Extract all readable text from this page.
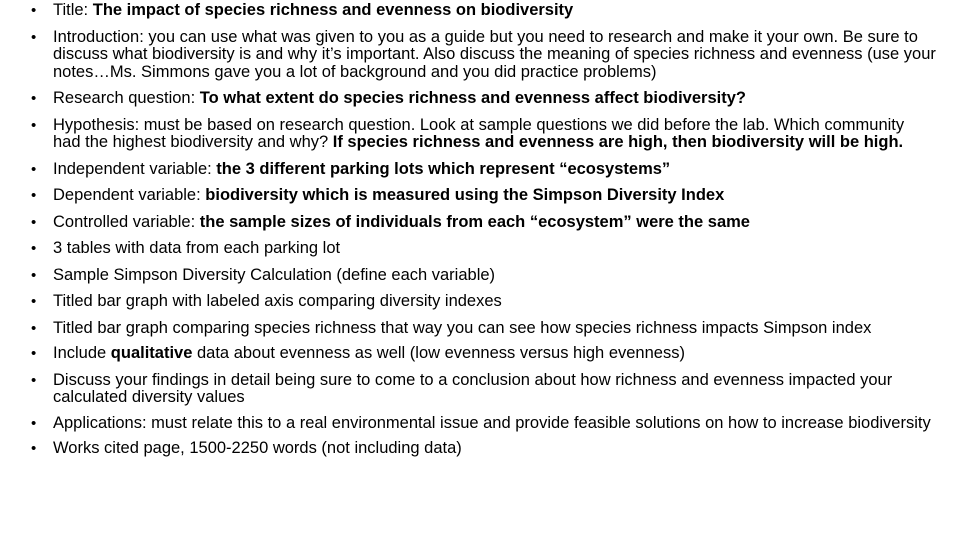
• Title: The impact of species richness and evenness on biodiversity
• Introduction: you can use what was given to you as a guide but you need to research and make it your own. Be sure to discuss what biodiversity is and why it’s important. Also discuss the meaning of species richness and evenness (use your notes…Ms. Simmons gave you a lot of background and you did practice problems)
• Research question: To what extent do species richness and evenness affect biodiversity?
• Hypothesis: must be based on research question. Look at sample questions we did before the lab. Which community had the highest biodiversity and why? If species richness and evenness are high, then biodiversity will be high.
• Independent variable: the 3 different parking lots which represent “ecosystems”
• Dependent variable: biodiversity which is measured using the Simpson Diversity Index
• Controlled variable: the sample sizes of individuals from each “ecosystem” were the same
• 3 tables with data from each parking lot
• Sample Simpson Diversity Calculation (define each variable)
• Titled bar graph with labeled axis comparing diversity indexes
• Titled bar graph comparing species richness that way you can see how species richness impacts Simpson index
• Include qualitative data about evenness as well (low evenness versus high evenness)
• Discuss your findings in detail being sure to come to a conclusion about how richness and evenness impacted your calculated diversity values
• Applications: must relate this to a real environmental issue and provide feasible solutions on how to increase biodiversity
• Works cited page, 1500-2250 words (not including data)
